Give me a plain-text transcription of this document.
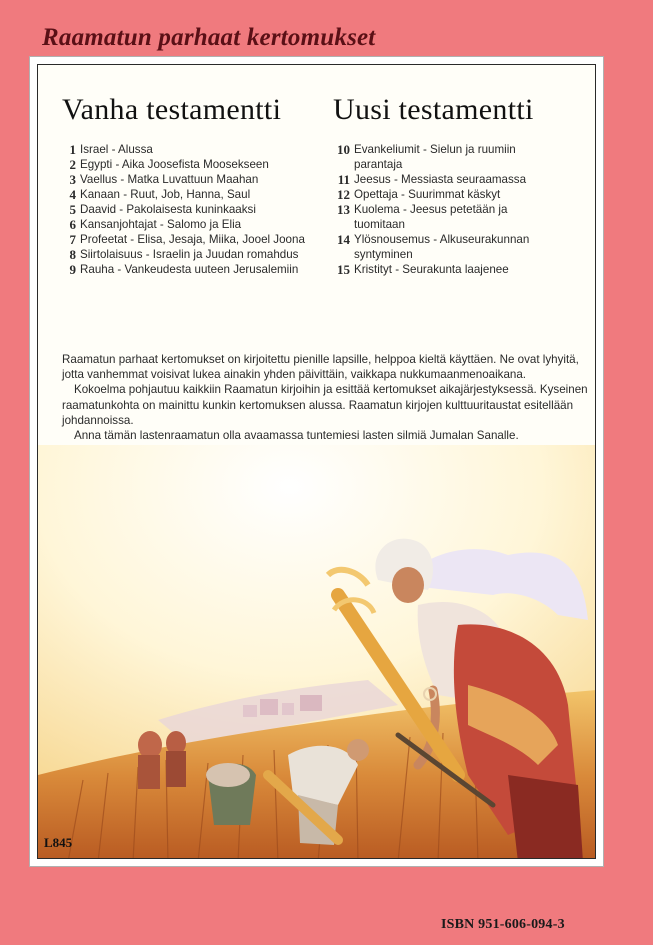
Raamatun parhaat kertomukset
Vanha testamentti Uusi testamentti
1 Israel - Alussa
2 Egypti - Aika Joosefista Moosekseen
3 Vaellus - Matka Luvattuun Maahan
4 Kanaan - Ruut, Job, Hanna, Saul
5 Daavid - Pakolaisesta kuninkaaksi
6 Kansanjohtajat - Salomo ja Elia
7 Profeetat - Elisa, Jesaja, Miika, Jooel Joona
8 Siirtolaisuus - Israelin ja Juudan romahdus
9 Rauha - Vankeudesta uuteen Jerusalemiin
10 Evankeliumit - Sielun ja ruumiin parantaja
11 Jeesus - Messiasta seuraamassa
12 Opettaja - Suurimmat käskyt
13 Kuolema - Jeesus petetään ja tuomitaan
14 Ylösnousemus - Alkuseurakunnan syntyminen
15 Kristityt - Seurakunta laajenee

Raamatun parhaat kertomukset on kirjoitettu pienille lapsille, helppoa kieltä käyttäen. Ne ovat lyhyitä, jotta vanhemmat voisivat lukea ainakin yhden päivittäin, vaikkapa nukkumaanmenoaikana.

Kokoelma pohjautuu kaikkiin Raamatun kirjoihin ja esittää kertomukset aikajärjestyksessä. Kyseinen raamatunkohta on mainittu kunkin kertomuksen alussa. Raamatun kirjojen kulttuuritaustat esitellään johdannoissa.

Anna tämän lastenraamatun olla avaamassa tuntemiesi lasten silmiä Jumalan Sanalle.

L845
ISBN 951-606-094-3
